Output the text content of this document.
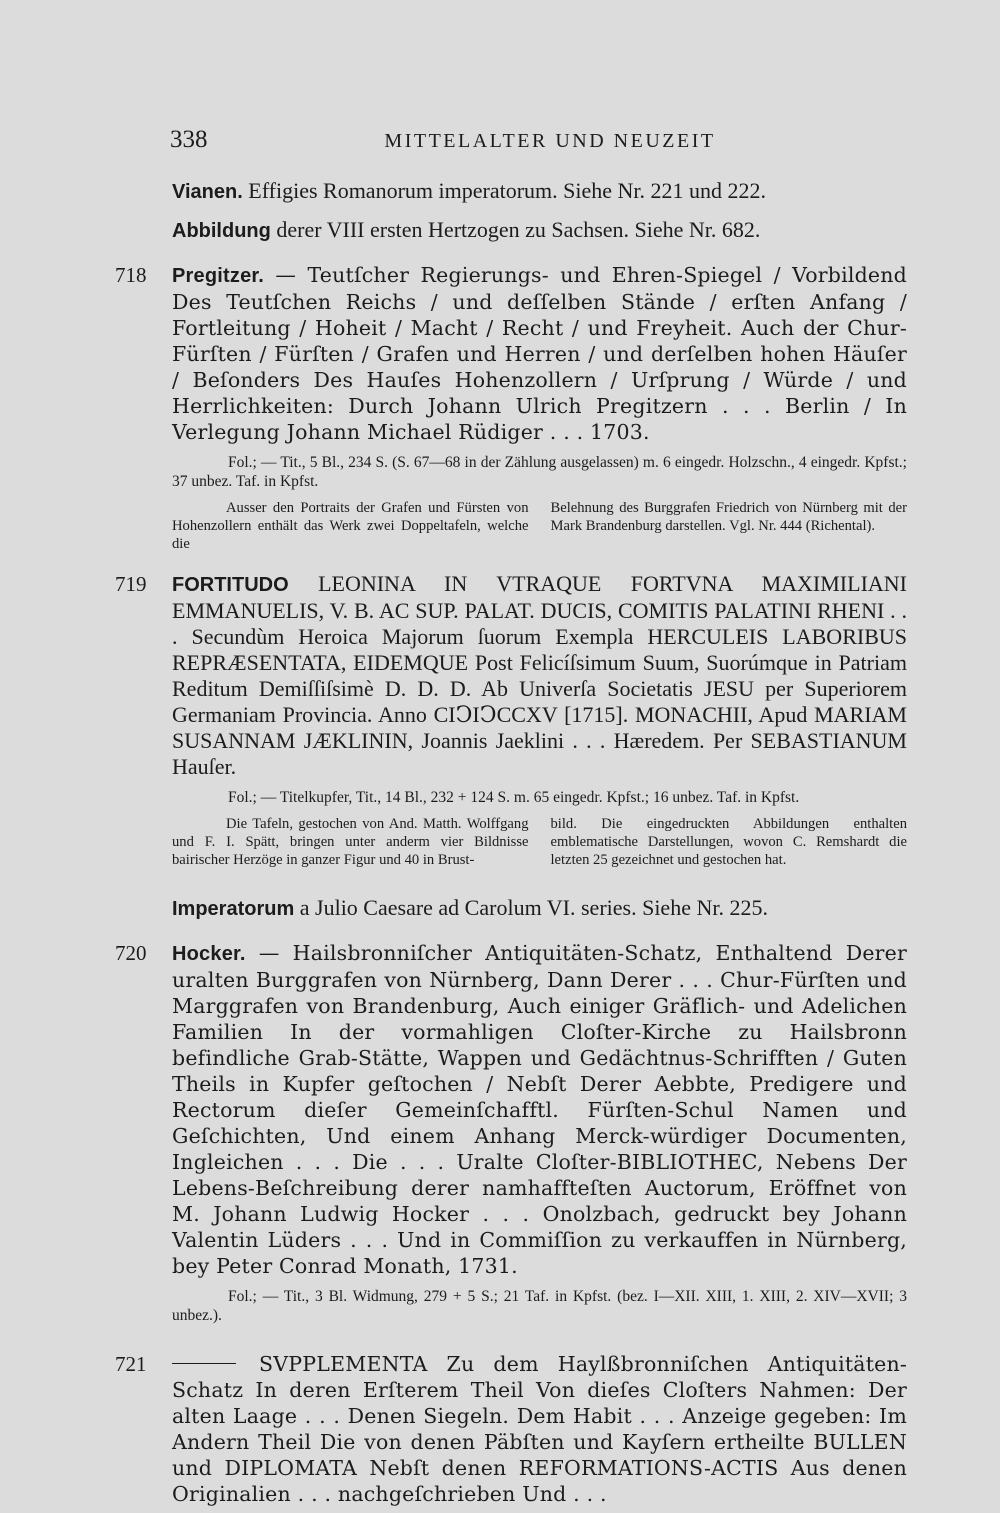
338	MITTELALTER UND NEUZEIT

Vianen. Effigies Romanorum imperatorum. Siehe Nr. 221 und 222.

Abbildung derer VIII ersten Hertzogen zu Sachsen. Siehe Nr. 682.

718	Pregitzer. — Teutſcher Regierungs- und Ehren-Spiegel / Vorbildend Des Teutſchen Reichs / und deſſelben Stände / erſten Anfang / Fortleitung / Hoheit / Macht / Recht / und Freyheit. Auch der Chur-Fürſten / Fürſten / Grafen und Herren / und derſelben hohen Häuſer / Beſonders Des Hauſes Hohenzollern / Urſprung / Würde / und Herrlichkeiten: Durch Johann Ulrich Pregitzern . . . Berlin / In Verlegung Johann Michael Rüdiger . . . 1703.
Fol.; — Tit., 5 Bl., 234 S. (S. 67—68 in der Zählung ausgelassen) m. 6 eingedr. Holzschn., 4 eingedr. Kpfst.; 37 unbez. Taf. in Kpfst.
Ausser den Portraits der Grafen und Fürsten von Hohenzollern enthält das Werk zwei Doppeltafeln, welche die
Belehnung des Burggrafen Friedrich von Nürnberg mit der Mark Brandenburg darstellen. Vgl. Nr. 444 (Richental).
719	FORTITUDO LEONINA IN VTRAQUE FORTVNA MAXIMILIANI EMMANUELIS, V. B. AC SUP. PALAT. DUCIS, COMITIS PALATINI RHENI . . . Secundùm Heroica Majorum ſuorum Exempla HERCULEIS LABORIBUS REPRÆSENTATA, EIDEMQUE Post Felicíſsimum Suum, Suorúmque in Patriam Reditum Demiſſiſsimè D. D. D. Ab Univerſa Societatis JESU per Superiorem Germaniam Provincia. Anno CIↃIↃCCXV [1715]. MONACHII, Apud MARIAM SUSANNAM JÆKLININ, Joannis Jaeklini . . . Hæredem. Per SEBASTIANUM Hauſer.
Fol.; — Titelkupfer, Tit., 14 Bl., 232 + 124 S. m. 65 eingedr. Kpfst.; 16 unbez. Taf. in Kpfst.
Die Tafeln, gestochen von And. Matth. Wolffgang und F. I. Spätt, bringen unter anderm vier Bildnisse bairischer Herzöge in ganzer Figur und 40 in Brust-
bild. Die eingedruckten Abbildungen enthalten emblematische Darstellungen, wovon C. Remshardt die letzten 25 gezeichnet und gestochen hat.

Imperatorum a Julio Caesare ad Carolum VI. series. Siehe Nr. 225.

720	Hocker. — Hailsbronniſcher Antiquitäten-Schatz, Enthaltend Derer uralten Burggrafen von Nürnberg, Dann Derer . . . Chur-Fürſten und Marggrafen von Brandenburg, Auch einiger Gräflich- und Adelichen Familien In der vormahligen Cloſter-Kirche zu Hailsbronn befindliche Grab-Stätte, Wappen und Gedächtnus-Schrifften / Guten Theils in Kupfer geſtochen / Nebſt Derer Aebbte, Predigere und Rectorum dieſer Gemeinſchafftl. Fürſten-Schul Namen und Geſchichten, Und einem Anhang Merck-würdiger Documenten, Ingleichen . . . Die . . . Uralte Cloſter-BIBLIOTHEC, Nebens Der Lebens-Beſchreibung derer namhaffteſten Auctorum, Eröffnet von M. Johann Ludwig Hocker . . . Onolzbach, gedruckt bey Johann Valentin Lüders . . . Und in Commiſſion zu verkauffen in Nürnberg, bey Peter Conrad Monath, 1731.
Fol.; — Tit., 3 Bl. Widmung, 279 + 5 S.; 21 Taf. in Kpfst. (bez. I—XII. XIII, 1. XIII, 2. XIV—XVII; 3 unbez.).
721	SVPPLEMENTA Zu dem Haylßbronniſchen Antiquitäten-Schatz In deren Erſterem Theil Von dieſes Cloſters Nahmen: Der alten Laage . . . Denen Siegeln. Dem Habit . . . Anzeige gegeben: Im Andern Theil Die von denen Päbſten und Kayſern ertheilte BULLEN und DIPLOMATA Nebſt denen REFORMATIONS-ACTIS Aus denen Originalien . . . nachgeſchrieben Und . . .
